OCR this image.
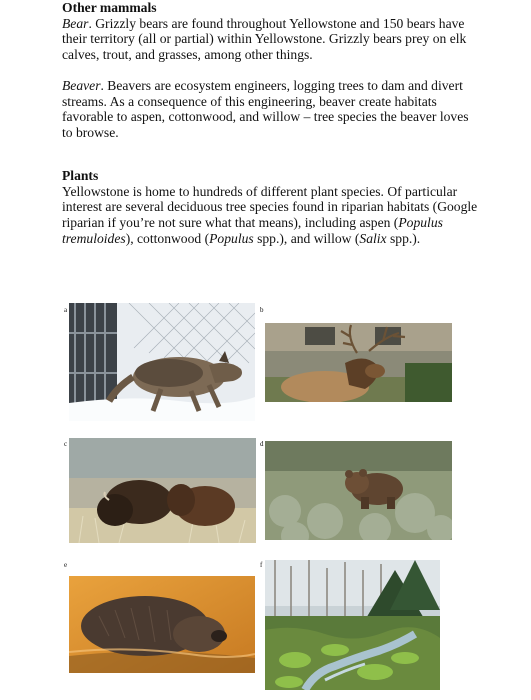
Other mammals

Bear. Grizzly bears are found throughout Yellowstone and 150 bears have their territory (all or partial) within Yellowstone. Grizzly bears prey on elk calves, trout, and grasses, among other things.

Beaver. Beavers are ecosystem engineers, logging trees to dam and divert streams. As a consequence of this engineering, beaver create habitats favorable to aspen, cottonwood, and willow – tree species the beaver loves to browse.

Plants

Yellowstone is home to hundreds of different plant species. Of particular interest are several deciduous tree species found in riparian habitats (Google riparian if you’re not sure what that means), including aspen (Populus tremuloides), cottonwood (Populus spp.), and willow (Salix spp.).

a	b
c	d
e	f
